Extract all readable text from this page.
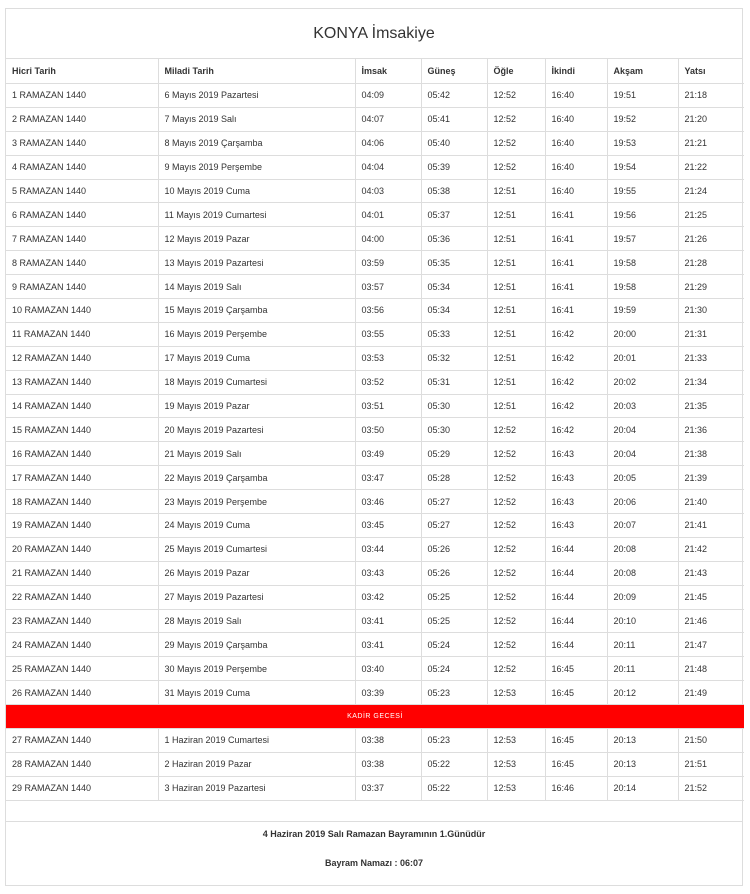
KONYA İmsakiye
Hicri Tarih	Miladi Tarih	İmsak	Güneş	Öğle	İkindi	Akşam	Yatsı
1 RAMAZAN 1440	6 Mayıs 2019 Pazartesi	04:09	05:42	12:52	16:40	19:51	21:18
2 RAMAZAN 1440	7 Mayıs 2019 Salı	04:07	05:41	12:52	16:40	19:52	21:20
3 RAMAZAN 1440	8 Mayıs 2019 Çarşamba	04:06	05:40	12:52	16:40	19:53	21:21
4 RAMAZAN 1440	9 Mayıs 2019 Perşembe	04:04	05:39	12:52	16:40	19:54	21:22
5 RAMAZAN 1440	10 Mayıs 2019 Cuma	04:03	05:38	12:51	16:40	19:55	21:24
6 RAMAZAN 1440	11 Mayıs 2019 Cumartesi	04:01	05:37	12:51	16:41	19:56	21:25
7 RAMAZAN 1440	12 Mayıs 2019 Pazar	04:00	05:36	12:51	16:41	19:57	21:26
8 RAMAZAN 1440	13 Mayıs 2019 Pazartesi	03:59	05:35	12:51	16:41	19:58	21:28
9 RAMAZAN 1440	14 Mayıs 2019 Salı	03:57	05:34	12:51	16:41	19:58	21:29
10 RAMAZAN 1440	15 Mayıs 2019 Çarşamba	03:56	05:34	12:51	16:41	19:59	21:30
11 RAMAZAN 1440	16 Mayıs 2019 Perşembe	03:55	05:33	12:51	16:42	20:00	21:31
12 RAMAZAN 1440	17 Mayıs 2019 Cuma	03:53	05:32	12:51	16:42	20:01	21:33
13 RAMAZAN 1440	18 Mayıs 2019 Cumartesi	03:52	05:31	12:51	16:42	20:02	21:34
14 RAMAZAN 1440	19 Mayıs 2019 Pazar	03:51	05:30	12:51	16:42	20:03	21:35
15 RAMAZAN 1440	20 Mayıs 2019 Pazartesi	03:50	05:30	12:52	16:42	20:04	21:36
16 RAMAZAN 1440	21 Mayıs 2019 Salı	03:49	05:29	12:52	16:43	20:04	21:38
17 RAMAZAN 1440	22 Mayıs 2019 Çarşamba	03:47	05:28	12:52	16:43	20:05	21:39
18 RAMAZAN 1440	23 Mayıs 2019 Perşembe	03:46	05:27	12:52	16:43	20:06	21:40
19 RAMAZAN 1440	24 Mayıs 2019 Cuma	03:45	05:27	12:52	16:43	20:07	21:41
20 RAMAZAN 1440	25 Mayıs 2019 Cumartesi	03:44	05:26	12:52	16:44	20:08	21:42
21 RAMAZAN 1440	26 Mayıs 2019 Pazar	03:43	05:26	12:52	16:44	20:08	21:43
22 RAMAZAN 1440	27 Mayıs 2019 Pazartesi	03:42	05:25	12:52	16:44	20:09	21:45
23 RAMAZAN 1440	28 Mayıs 2019 Salı	03:41	05:25	12:52	16:44	20:10	21:46
24 RAMAZAN 1440	29 Mayıs 2019 Çarşamba	03:41	05:24	12:52	16:44	20:11	21:47
25 RAMAZAN 1440	30 Mayıs 2019 Perşembe	03:40	05:24	12:52	16:45	20:11	21:48
26 RAMAZAN 1440	31 Mayıs 2019 Cuma	03:39	05:23	12:53	16:45	20:12	21:49
KADİR GECESİ							
27 RAMAZAN 1440	1 Haziran 2019 Cumartesi	03:38	05:23	12:53	16:45	20:13	21:50
28 RAMAZAN 1440	2 Haziran 2019 Pazar	03:38	05:22	12:53	16:45	20:13	21:51
29 RAMAZAN 1440	3 Haziran 2019 Pazartesi	03:37	05:22	12:53	16:46	20:14	21:52
4 Haziran 2019 Salı Ramazan Bayramının 1.Günüdür
Bayram Namazı : 06:07
